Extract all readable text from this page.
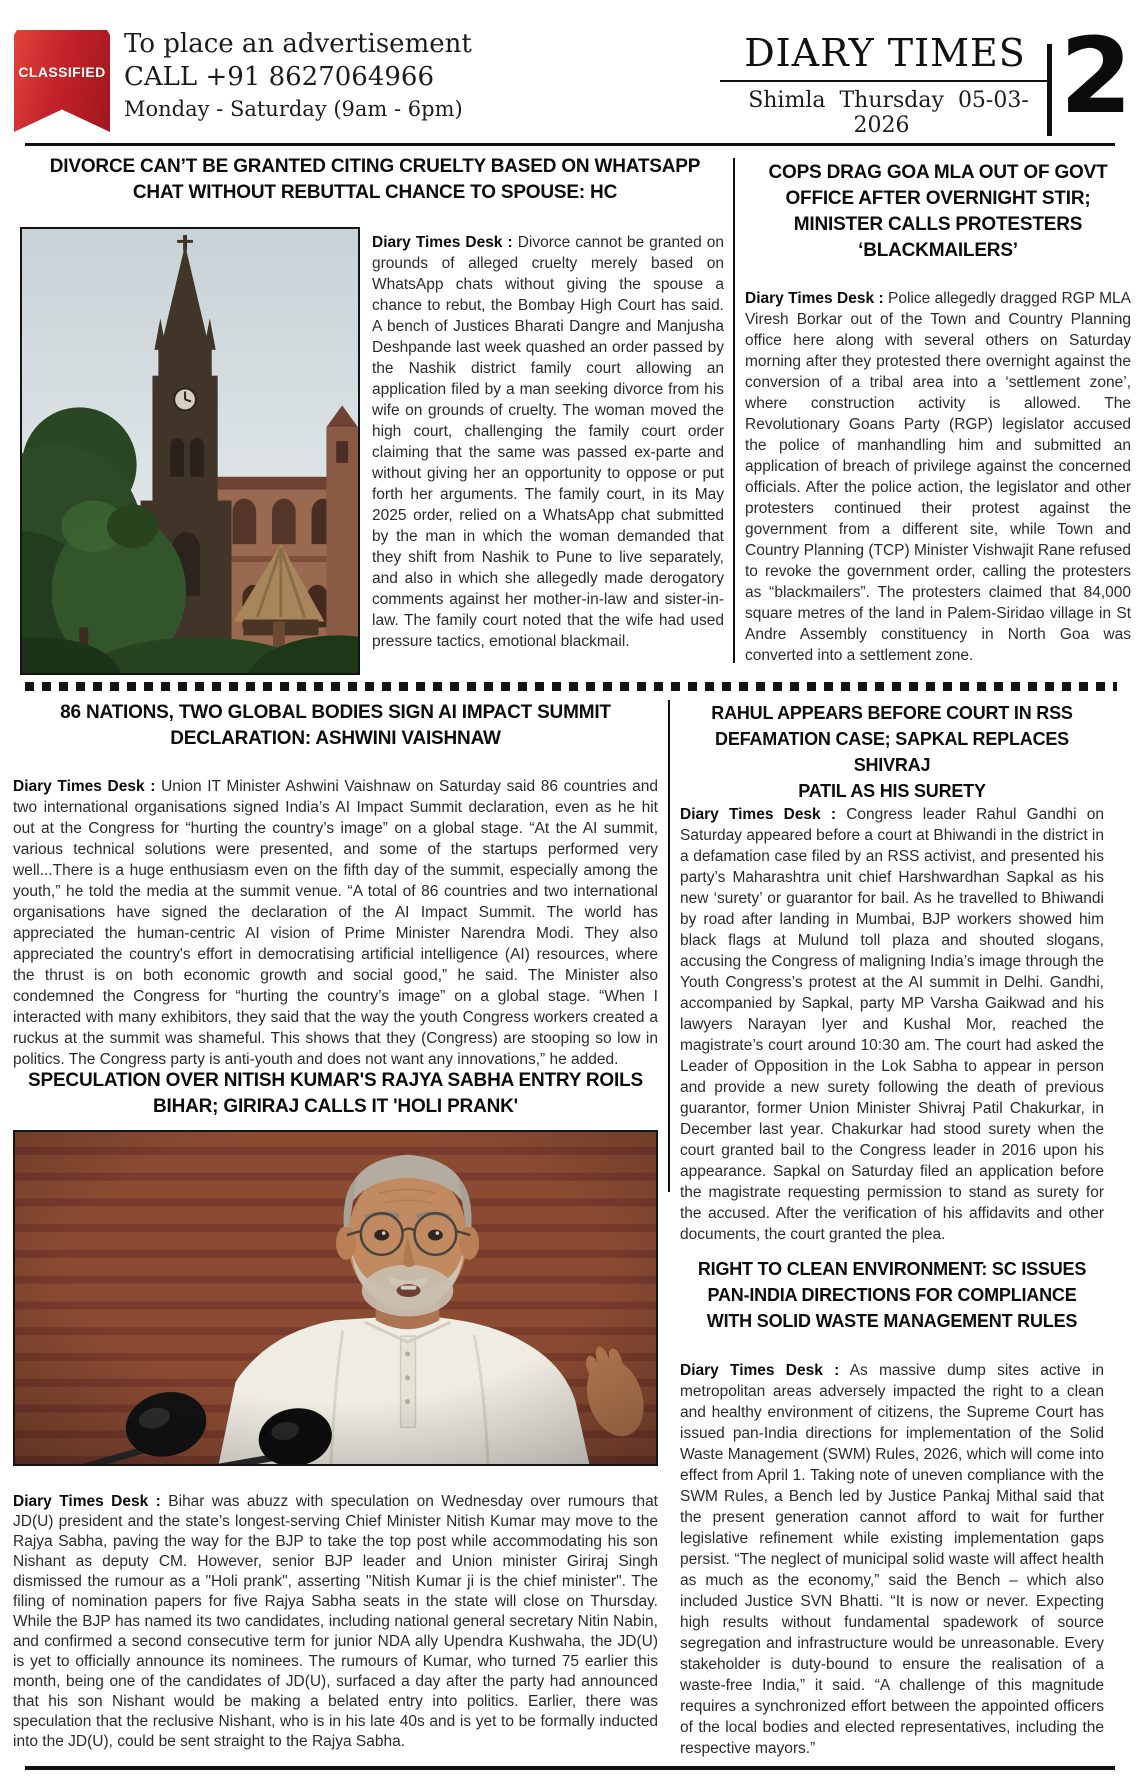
CLASSIFIED
To place an advertisement
CALL +91 8627064966
Monday - Saturday (9am - 6pm)
DIARY TIMES
Shimla Thursday 05-03-2026	2
DIVORCE CAN’T BE GRANTED CITING CRUELTY BASED ON WHATSAPP
CHAT WITHOUT REBUTTAL CHANCE TO SPOUSE: HC

Diary Times Desk : Divorce cannot be granted on grounds of alleged cruelty merely based on WhatsApp chats without giving the spouse a chance to rebut, the Bombay High Court has said. A bench of Justices Bharati Dangre and Manjusha Deshpande last week quashed an order passed by the Nashik district family court allowing an application filed by a man seeking divorce from his wife on grounds of cruelty. The woman moved the high court, challenging the family court order claiming that the same was passed ex-parte and without giving her an opportunity to oppose or put forth her arguments. The family court, in its May 2025 order, relied on a WhatsApp chat submitted by the man in which the woman demanded that they shift from Nashik to Pune to live separately, and also in which she allegedly made derogatory comments against her mother-in-law and sister-in-law. The family court noted that the wife had used pressure tactics, emotional blackmail.

COPS DRAG GOA MLA OUT OF GOVT
OFFICE AFTER OVERNIGHT STIR;
MINISTER CALLS PROTESTERS
‘BLACKMAILERS’

Diary Times Desk : Police allegedly dragged RGP MLA Viresh Borkar out of the Town and Country Planning office here along with several others on Saturday morning after they protested there overnight against the conversion of a tribal area into a ‘settlement zone’, where construction activity is allowed. The Revolutionary Goans Party (RGP) legislator accused the police of manhandling him and submitted an application of breach of privilege against the concerned officials. After the police action, the legislator and other protesters continued their protest against the government from a different site, while Town and Country Planning (TCP) Minister Vishwajit Rane refused to revoke the government order, calling the protesters as “blackmailers”. The protesters claimed that 84,000 square metres of the land in Palem-Siridao village in St Andre Assembly constituency in North Goa was converted into a settlement zone.

86 NATIONS, TWO GLOBAL BODIES SIGN AI IMPACT SUMMIT
DECLARATION: ASHWINI VAISHNAW

Diary Times Desk : Union IT Minister Ashwini Vaishnaw on Saturday said 86 countries and two international organisations signed India’s AI Impact Summit declaration, even as he hit out at the Congress for “hurting the country’s image” on a global stage. “At the AI summit, various technical solutions were presented, and some of the startups performed very well...There is a huge enthusiasm even on the fifth day of the summit, especially among the youth,” he told the media at the summit venue. “A total of 86 countries and two international organisations have signed the declaration of the AI Impact Summit. The world has appreciated the human-centric AI vision of Prime Minister Narendra Modi. They also appreciated the country's effort in democratising artificial intelligence (AI) resources, where the thrust is on both economic growth and social good,” he said. The Minister also condemned the Congress for “hurting the country’s image” on a global stage. “When I interacted with many exhibitors, they said that the way the youth Congress workers created a ruckus at the summit was shameful. This shows that they (Congress) are stooping so low in politics. The Congress party is anti-youth and does not want any innovations,” he added.

SPECULATION OVER NITISH KUMAR'S RAJYA SABHA ENTRY ROILS
BIHAR; GIRIRAJ CALLS IT 'HOLI PRANK'

Diary Times Desk : Bihar was abuzz with speculation on Wednesday over rumours that JD(U) president and the state’s longest-serving Chief Minister Nitish Kumar may move to the Rajya Sabha, paving the way for the BJP to take the top post while accommodating his son Nishant as deputy CM. However, senior BJP leader and Union minister Giriraj Singh dismissed the rumour as a "Holi prank", asserting "Nitish Kumar ji is the chief minister". The filing of nomination papers for five Rajya Sabha seats in the state will close on Thursday. While the BJP has named its two candidates, including national general secretary Nitin Nabin, and confirmed a second consecutive term for junior NDA ally Upendra Kushwaha, the JD(U) is yet to officially announce its nominees. The rumours of Kumar, who turned 75 earlier this month, being one of the candidates of JD(U), surfaced a day after the party had announced that his son Nishant would be making a belated entry into politics. Earlier, there was speculation that the reclusive Nishant, who is in his late 40s and is yet to be formally inducted into the JD(U), could be sent straight to the Rajya Sabha.

RAHUL APPEARS BEFORE COURT IN RSS
DEFAMATION CASE; SAPKAL REPLACES SHIVRAJ
PATIL AS HIS SURETY

Diary Times Desk : Congress leader Rahul Gandhi on Saturday appeared before a court at Bhiwandi in the district in a defamation case filed by an RSS activist, and presented his party’s Maharashtra unit chief Harshwardhan Sapkal as his new ‘surety’ or guarantor for bail. As he travelled to Bhiwandi by road after landing in Mumbai, BJP workers showed him black flags at Mulund toll plaza and shouted slogans, accusing the Congress of maligning India’s image through the Youth Congress’s protest at the AI summit in Delhi. Gandhi, accompanied by Sapkal, party MP Varsha Gaikwad and his lawyers Narayan Iyer and Kushal Mor, reached the magistrate’s court around 10:30 am. The court had asked the Leader of Opposition in the Lok Sabha to appear in person and provide a new surety following the death of previous guarantor, former Union Minister Shivraj Patil Chakurkar, in December last year. Chakurkar had stood surety when the court granted bail to the Congress leader in 2016 upon his appearance. Sapkal on Saturday filed an application before the magistrate requesting permission to stand as surety for the accused. After the verification of his affidavits and other documents, the court granted the plea.

RIGHT TO CLEAN ENVIRONMENT: SC ISSUES
PAN-INDIA DIRECTIONS FOR COMPLIANCE
WITH SOLID WASTE MANAGEMENT RULES

Diary Times Desk : As massive dump sites active in metropolitan areas adversely impacted the right to a clean and healthy environment of citizens, the Supreme Court has issued pan-India directions for implementation of the Solid Waste Management (SWM) Rules, 2026, which will come into effect from April 1. Taking note of uneven compliance with the SWM Rules, a Bench led by Justice Pankaj Mithal said that the present generation cannot afford to wait for further legislative refinement while existing implementation gaps persist. “The neglect of municipal solid waste will affect health as much as the economy,” said the Bench – which also included Justice SVN Bhatti. “It is now or never. Expecting high results without fundamental spadework of source segregation and infrastructure would be unreasonable. Every stakeholder is duty-bound to ensure the realisation of a waste-free India,” it said. “A challenge of this magnitude requires a synchronized effort between the appointed officers of the local bodies and elected representatives, including the respective mayors.”
